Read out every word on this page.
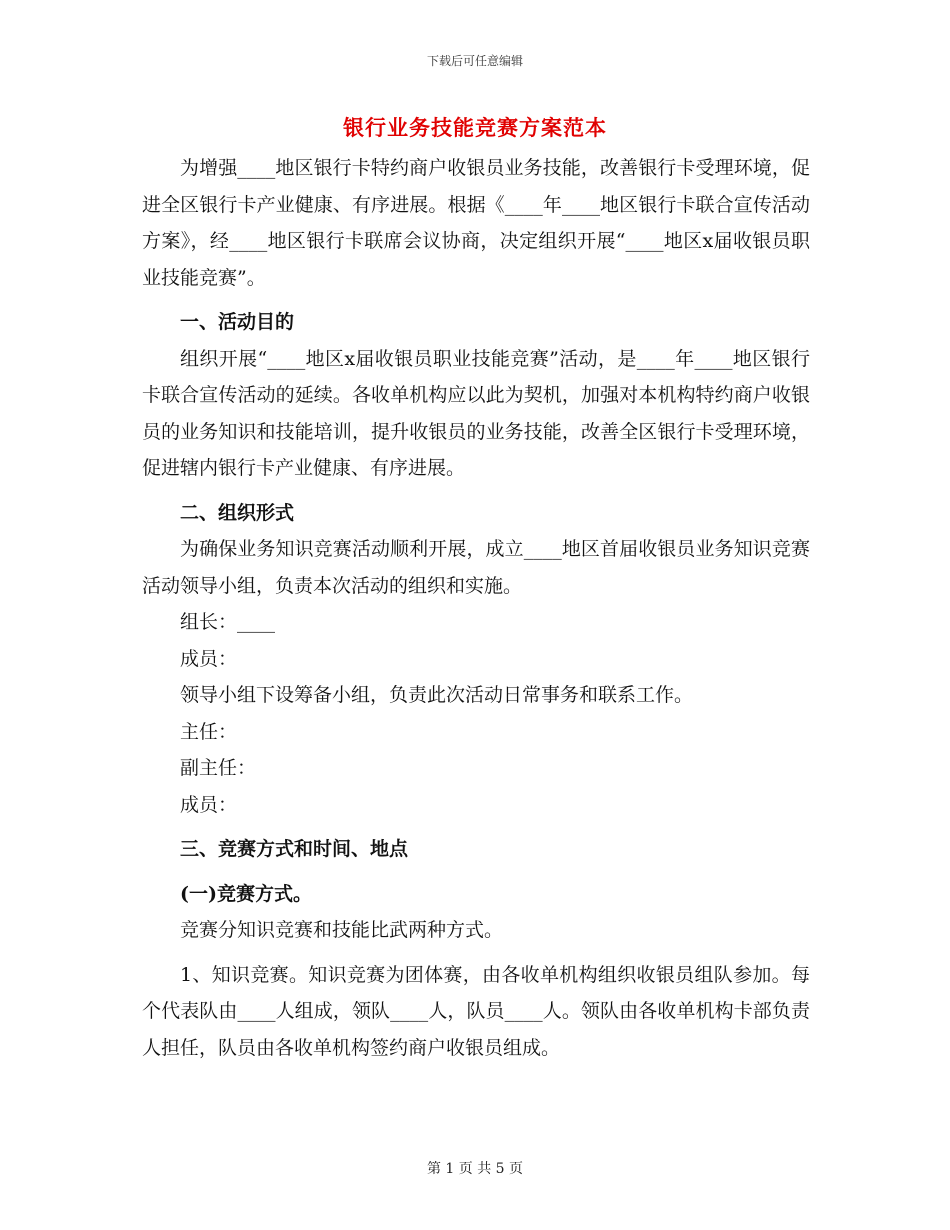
下载后可任意编辑
银行业务技能竞赛方案范本

为增强____地区银行卡特约商户收银员业务技能，改善银行卡受理环境，促进全区银行卡产业健康、有序进展。根据《____年____地区银行卡联合宣传活动方案》，经____地区银行卡联席会议协商，决定组织开展“____地区x届收银员职业技能竞赛”。

一、活动目的

组织开展“____地区x届收银员职业技能竞赛”活动，是____年____地区银行卡联合宣传活动的延续。各收单机构应以此为契机，加强对本机构特约商户收银员的业务知识和技能培训，提升收银员的业务技能，改善全区银行卡受理环境，促进辖内银行卡产业健康、有序进展。

二、组织形式

为确保业务知识竞赛活动顺利开展，成立____地区首届收银员业务知识竞赛活动领导小组，负责本次活动的组织和实施。

组长：____

成员：

领导小组下设筹备小组，负责此次活动日常事务和联系工作。

主任：

副主任：

成员：

三、竞赛方式和时间、地点

(一)竞赛方式。

竞赛分知识竞赛和技能比武两种方式。

1、知识竞赛。知识竞赛为团体赛，由各收单机构组织收银员组队参加。每个代表队由____人组成，领队____人，队员____人。领队由各收单机构卡部负责人担任，队员由各收单机构签约商户收银员组成。

第 1 页 共 5 页
